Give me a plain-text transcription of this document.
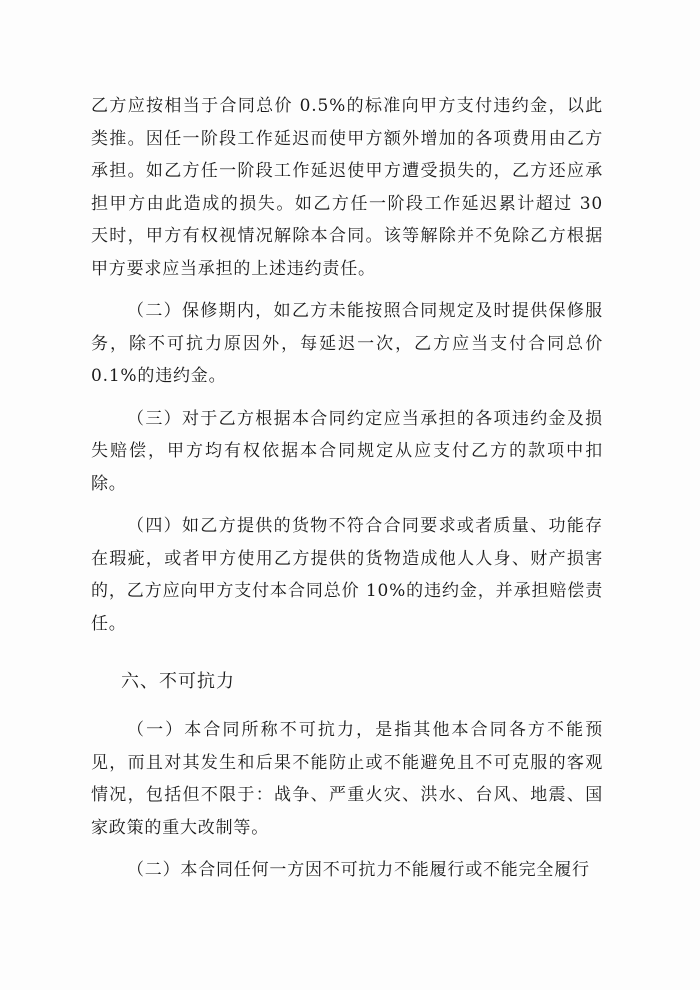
乙方应按相当于合同总价 0.5%的标准向甲方支付违约金，以此类推。因任一阶段工作延迟而使甲方额外增加的各项费用由乙方承担。如乙方任一阶段工作延迟使甲方遭受损失的，乙方还应承担甲方由此造成的损失。如乙方任一阶段工作延迟累计超过 30 天时，甲方有权视情况解除本合同。该等解除并不免除乙方根据甲方要求应当承担的上述违约责任。

（二）保修期内，如乙方未能按照合同规定及时提供保修服务，除不可抗力原因外，每延迟一次，乙方应当支付合同总价 0.1%的违约金。

（三）对于乙方根据本合同约定应当承担的各项违约金及损失赔偿，甲方均有权依据本合同规定从应支付乙方的款项中扣除。

（四）如乙方提供的货物不符合合同要求或者质量、功能存在瑕疵，或者甲方使用乙方提供的货物造成他人人身、财产损害的，乙方应向甲方支付本合同总价 10%的违约金，并承担赔偿责任。

六、不可抗力

（一）本合同所称不可抗力，是指其他本合同各方不能预见，而且对其发生和后果不能防止或不能避免且不可克服的客观情况，包括但不限于：战争、严重火灾、洪水、台风、地震、国家政策的重大改制等。

（二）本合同任何一方因不可抗力不能履行或不能完全履行
